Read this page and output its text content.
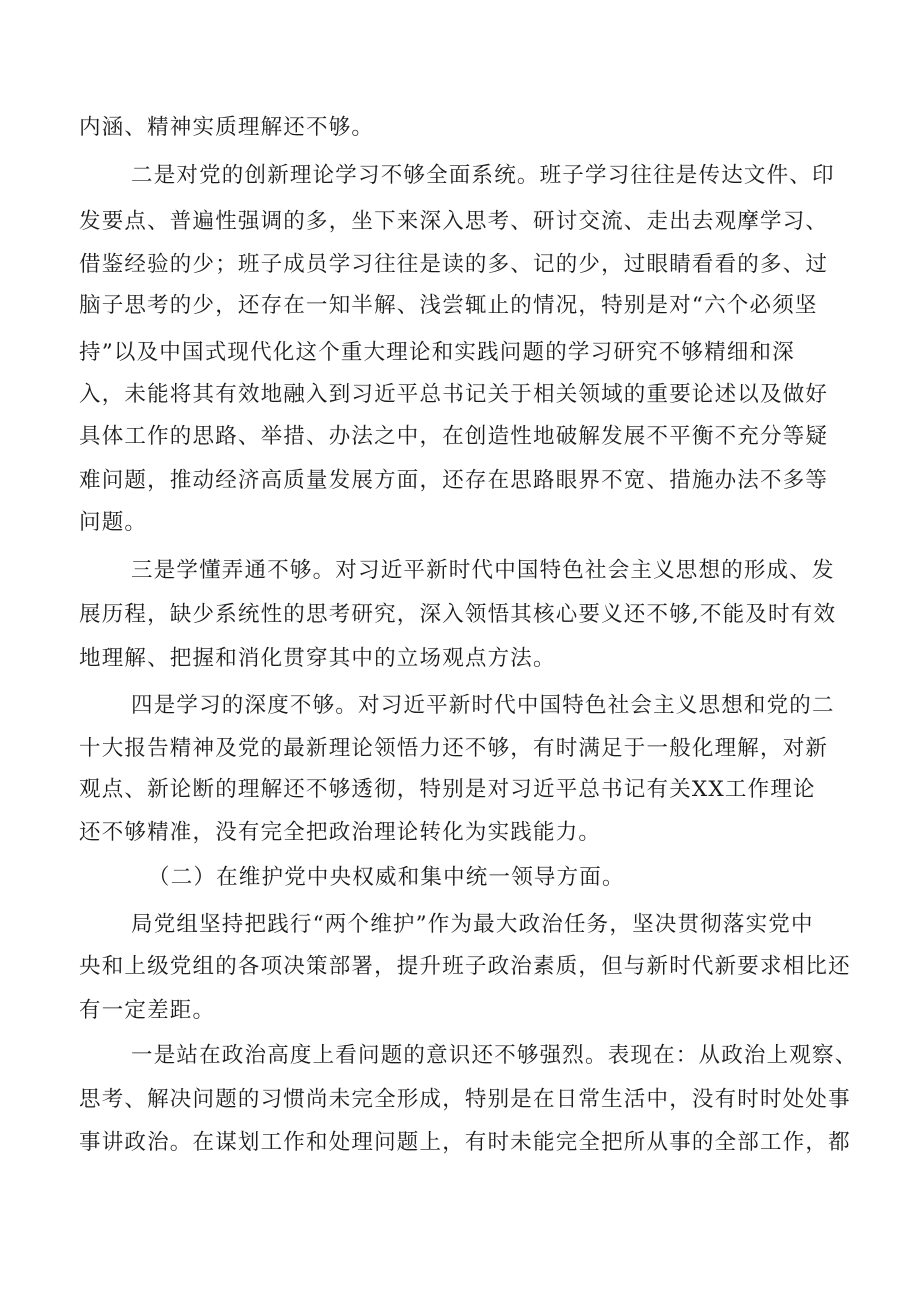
内涵、精神实质理解还不够。
二是对党的创新理论学习不够全面系统。班子学习往往是传达文件、印
发要点、普遍性强调的多，坐下来深入思考、研讨交流、走出去观摩学习、
借鉴经验的少；班子成员学习往往是读的多、记的少，过眼睛看看的多、过
脑子思考的少，还存在一知半解、浅尝辄止的情况，特别是对“六个必须坚
持”以及中国式现代化这个重大理论和实践问题的学习研究不够精细和深
入，未能将其有效地融入到习近平总书记关于相关领域的重要论述以及做好
具体工作的思路、举措、办法之中，在创造性地破解发展不平衡不充分等疑
难问题，推动经济高质量发展方面，还存在思路眼界不宽、措施办法不多等
问题。
三是学懂弄通不够。对习近平新时代中国特色社会主义思想的形成、发
展历程，缺少系统性的思考研究，深入领悟其核心要义还不够,不能及时有效
地理解、把握和消化贯穿其中的立场观点方法。
四是学习的深度不够。对习近平新时代中国特色社会主义思想和党的二
十大报告精神及党的最新理论领悟力还不够，有时满足于一般化理解，对新
观点、新论断的理解还不够透彻，特别是对习近平总书记有关XX工作理论
还不够精准，没有完全把政治理论转化为实践能力。
（二）在维护党中央权威和集中统一领导方面。
局党组坚持把践行“两个维护”作为最大政治任务，坚决贯彻落实党中
央和上级党组的各项决策部署，提升班子政治素质，但与新时代新要求相比还
有一定差距。
一是站在政治高度上看问题的意识还不够强烈。表现在：从政治上观察、
思考、解决问题的习惯尚未完全形成，特别是在日常生活中，没有时时处处事
事讲政治。在谋划工作和处理问题上，有时未能完全把所从事的全部工作，都
